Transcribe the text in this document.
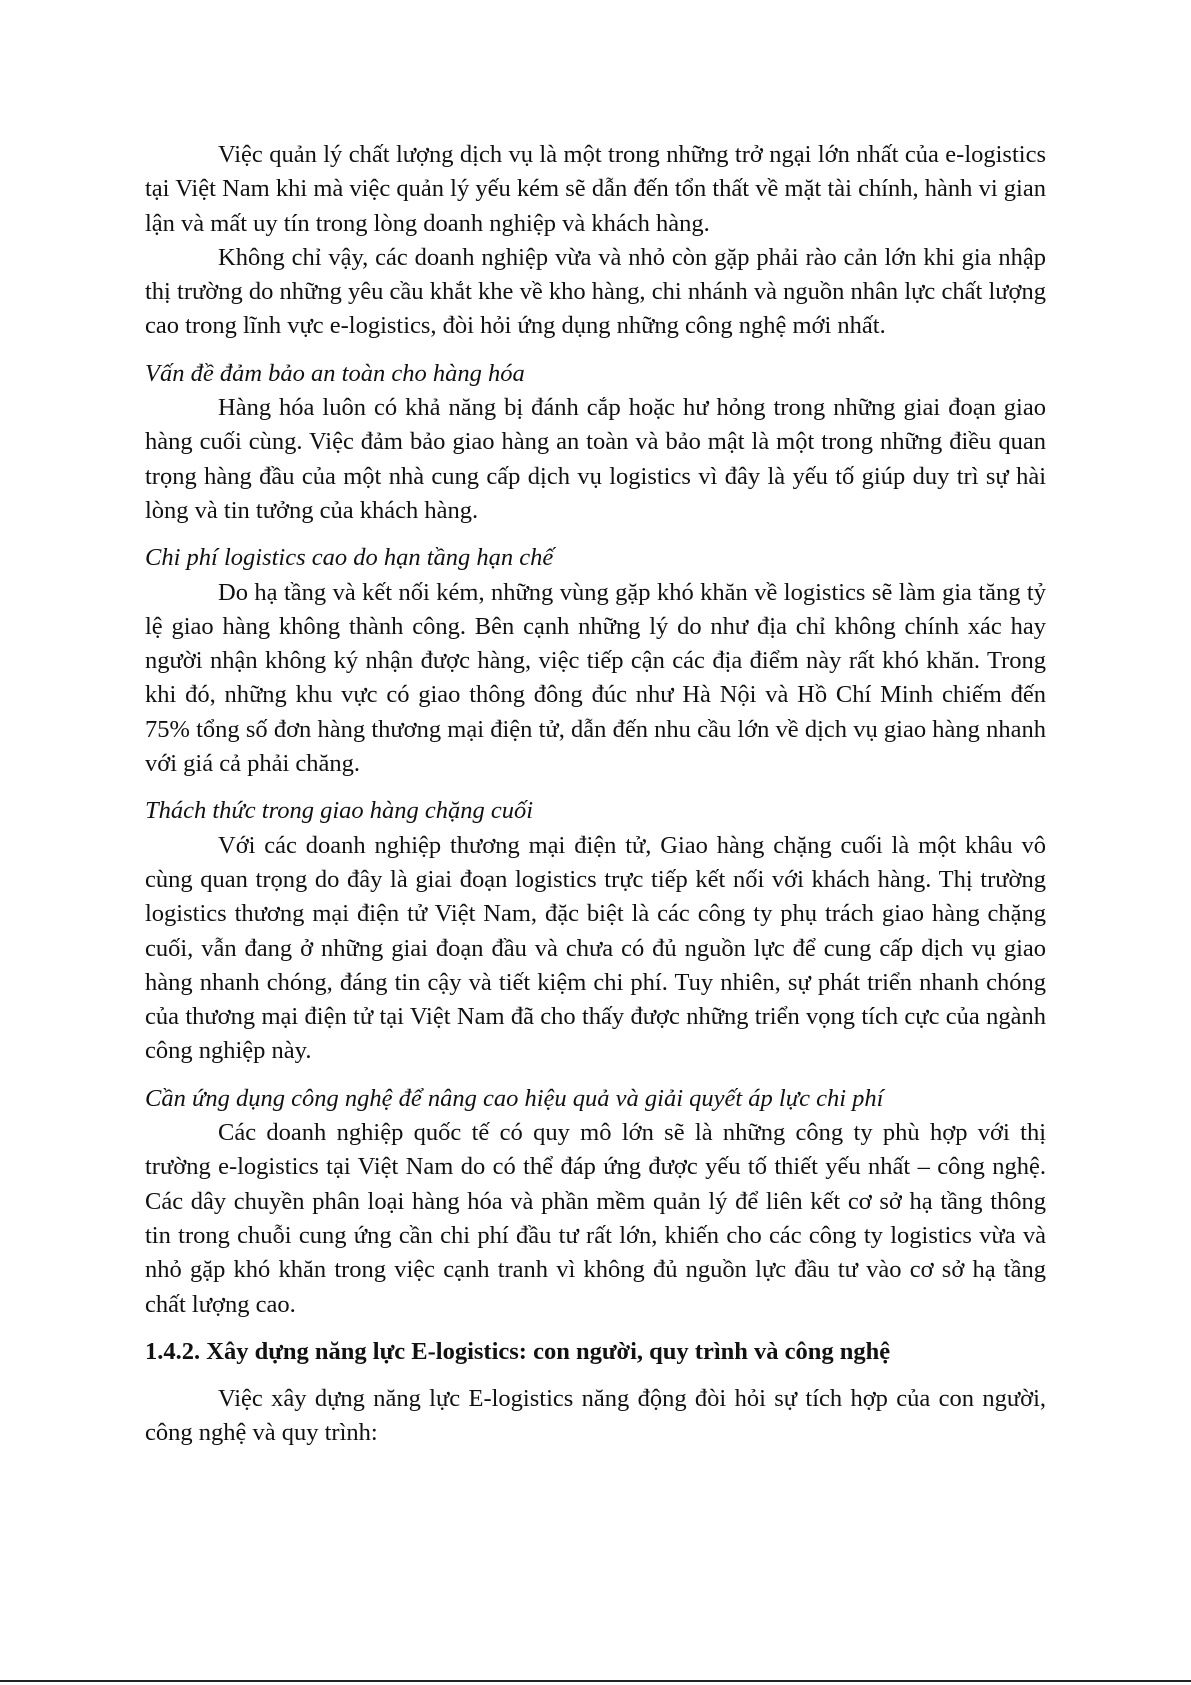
Việc quản lý chất lượng dịch vụ là một trong những trở ngại lớn nhất của e-logistics tại Việt Nam khi mà việc quản lý yếu kém sẽ dẫn đến tổn thất về mặt tài chính, hành vi gian lận và mất uy tín trong lòng doanh nghiệp và khách hàng.

Không chỉ vậy, các doanh nghiệp vừa và nhỏ còn gặp phải rào cản lớn khi gia nhập thị trường do những yêu cầu khắt khe về kho hàng, chi nhánh và nguồn nhân lực chất lượng cao trong lĩnh vực e-logistics, đòi hỏi ứng dụng những công nghệ mới nhất.

Vấn đề đảm bảo an toàn cho hàng hóa

Hàng hóa luôn có khả năng bị đánh cắp hoặc hư hỏng trong những giai đoạn giao hàng cuối cùng. Việc đảm bảo giao hàng an toàn và bảo mật là một trong những điều quan trọng hàng đầu của một nhà cung cấp dịch vụ logistics vì đây là yếu tố giúp duy trì sự hài lòng và tin tưởng của khách hàng.

Chi phí logistics cao do hạn tầng hạn chế

Do hạ tầng và kết nối kém, những vùng gặp khó khăn về logistics sẽ làm gia tăng tỷ lệ giao hàng không thành công. Bên cạnh những lý do như địa chỉ không chính xác hay người nhận không ký nhận được hàng, việc tiếp cận các địa điểm này rất khó khăn. Trong khi đó, những khu vực có giao thông đông đúc như Hà Nội và Hồ Chí Minh chiếm đến 75% tổng số đơn hàng thương mại điện tử, dẫn đến nhu cầu lớn về dịch vụ giao hàng nhanh với giá cả phải chăng.

Thách thức trong giao hàng chặng cuối

Với các doanh nghiệp thương mại điện tử, Giao hàng chặng cuối là một khâu vô cùng quan trọng do đây là giai đoạn logistics trực tiếp kết nối với khách hàng. Thị trường logistics thương mại điện tử Việt Nam, đặc biệt là các công ty phụ trách giao hàng chặng cuối, vẫn đang ở những giai đoạn đầu và chưa có đủ nguồn lực để cung cấp dịch vụ giao hàng nhanh chóng, đáng tin cậy và tiết kiệm chi phí. Tuy nhiên, sự phát triển nhanh chóng của thương mại điện tử tại Việt Nam đã cho thấy được những triển vọng tích cực của ngành công nghiệp này.

Cần ứng dụng công nghệ để nâng cao hiệu quả và giải quyết áp lực chi phí

Các doanh nghiệp quốc tế có quy mô lớn sẽ là những công ty phù hợp với thị trường e-logistics tại Việt Nam do có thể đáp ứng được yếu tố thiết yếu nhất – công nghệ. Các dây chuyền phân loại hàng hóa và phần mềm quản lý để liên kết cơ sở hạ tầng thông tin trong chuỗi cung ứng cần chi phí đầu tư rất lớn, khiến cho các công ty logistics vừa và nhỏ gặp khó khăn trong việc cạnh tranh vì không đủ nguồn lực đầu tư vào cơ sở hạ tầng chất lượng cao.

1.4.2. Xây dựng năng lực E-logistics: con người, quy trình và công nghệ

Việc xây dựng năng lực E-logistics năng động đòi hỏi sự tích hợp của con người, công nghệ và quy trình:
